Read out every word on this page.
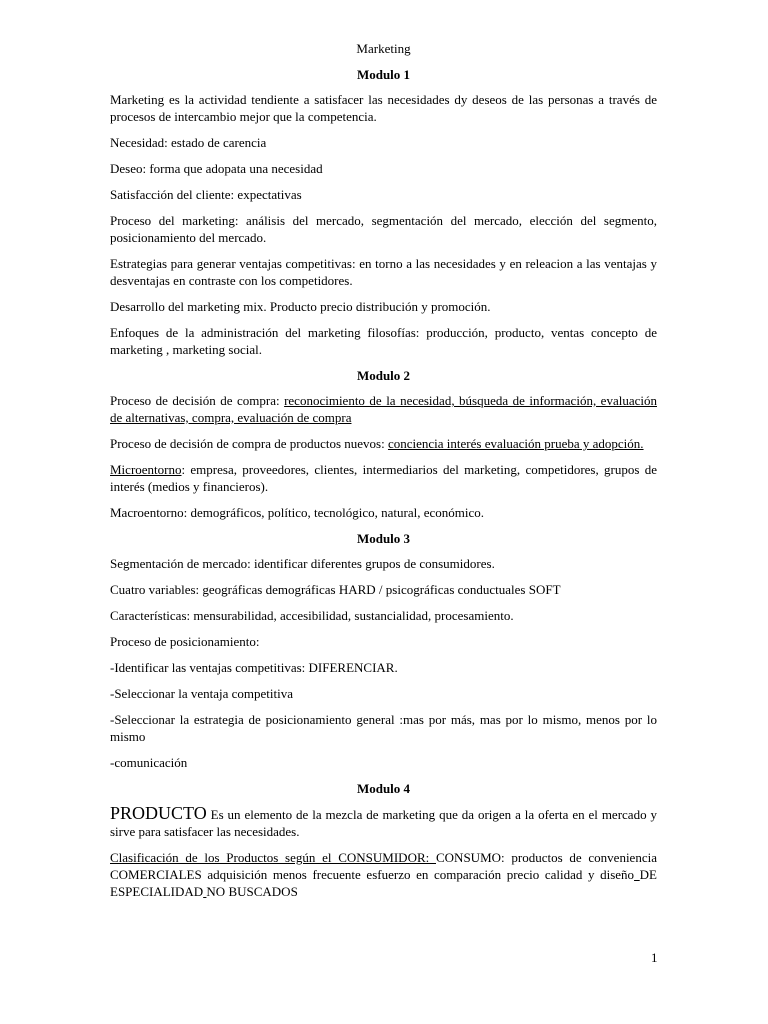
Marketing
Modulo 1

Marketing es la actividad tendiente a satisfacer las necesidades dy deseos de las personas a través de procesos de intercambio mejor que la competencia.

Necesidad: estado de carencia

Deseo: forma que adopata una necesidad

Satisfacción del cliente: expectativas

Proceso del marketing: análisis del mercado, segmentación del mercado, elección del segmento, posicionamiento del mercado.

Estrategias para generar ventajas competitivas: en torno a las necesidades y en releacion a las ventajas y desventajas en contraste con los competidores.

Desarrollo del marketing mix. Producto precio distribución y promoción.

Enfoques de la administración del marketing filosofías: producción, producto, ventas concepto de marketing , marketing social.

Modulo 2

Proceso de decisión de compra: reconocimiento de la necesidad, búsqueda de información, evaluación de alternativas, compra, evaluación de compra

Proceso de decisión de compra de productos nuevos: conciencia interés evaluación prueba y adopción.

Microentorno: empresa, proveedores, clientes, intermediarios del marketing, competidores, grupos de interés (medios y financieros).

Macroentorno: demográficos, político, tecnológico, natural, económico.

Modulo 3

Segmentación de mercado: identificar diferentes grupos de consumidores.

Cuatro variables: geográficas demográficas HARD / psicográficas conductuales SOFT

Características: mensurabilidad, accesibilidad, sustancialidad, procesamiento.

Proceso de posicionamiento:

-Identificar las ventajas competitivas: DIFERENCIAR.

-Seleccionar la ventaja competitiva

-Seleccionar la estrategia de posicionamiento general :mas por más, mas por lo mismo, menos por lo mismo

-comunicación

Modulo 4

PRODUCTO Es un elemento de la mezcla de marketing que da origen a la oferta en el mercado y sirve para satisfacer las necesidades.

Clasificación de los Productos según el CONSUMIDOR: CONSUMO: productos de conveniencia COMERCIALES adquisición menos frecuente esfuerzo en comparación precio calidad y diseño DE ESPECIALIDAD NO BUSCADOS

1
